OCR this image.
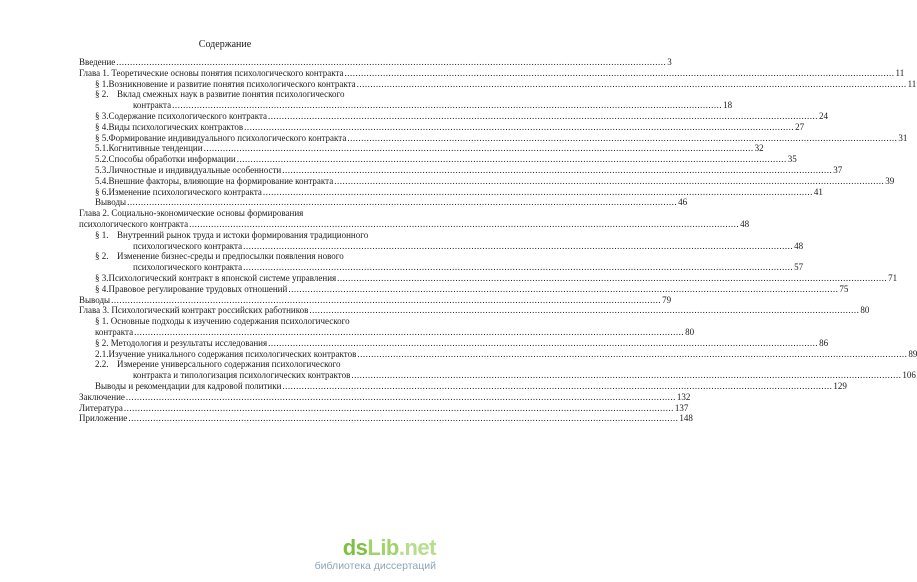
Содержание
Введение .....	3
Глава 1. Теоретические основы понятия психологического контракта .....	11
§ 1. Возникновение и развитие понятия психологического контракта .....	11
§ 2. Вклад смежных наук в развитие понятия психологического
контракта .....	18
§ 3. Содержание психологического контракта .....	24
§ 4. Виды психологических контрактов .....	27
§ 5. Формирование индивидуального психологического контракта .....	31
5.1. Когнитивные тенденции .....	32
5.2. Способы обработки информации .....	35
5.3. Личностные и индивидуальные особенности .....	37
5.4. Внешние факторы, влияющие на формирование контракта .....	39
§ 6. Изменение психологического контракта .....	41
Выводы .....	46
Глава 2. Социально-экономические основы формирования
психологического контракта .....	48
§ 1. Внутренний рынок труда и истоки формирования традиционного
психологического контракта .....	48
§ 2. Изменение бизнес-среды и предпосылки появления нового
психологического контракта .....	57
§ 3. Психологический контракт в японской системе управления .....	71
§ 4. Правовое регулирование трудовых отношений .....	75
Выводы .....	79
Глава 3. Психологический контракт российских работников .....	80
§ 1. Основные подходы к изучению содержания психологического
контракта .....	80
§ 2. Методология и результаты исследования .....	86
2.1. Изучение уникального содержания психологических контрактов .....	89
2.2. Измерение универсального содержания психологического
контракта и типологизация психологических контрактов .....	106
Выводы и рекомендации для кадровой политики .....	129
Заключение .....	132
Литература .....	137
Приложение .....	148
dsLib.net
библиотека диссертаций
